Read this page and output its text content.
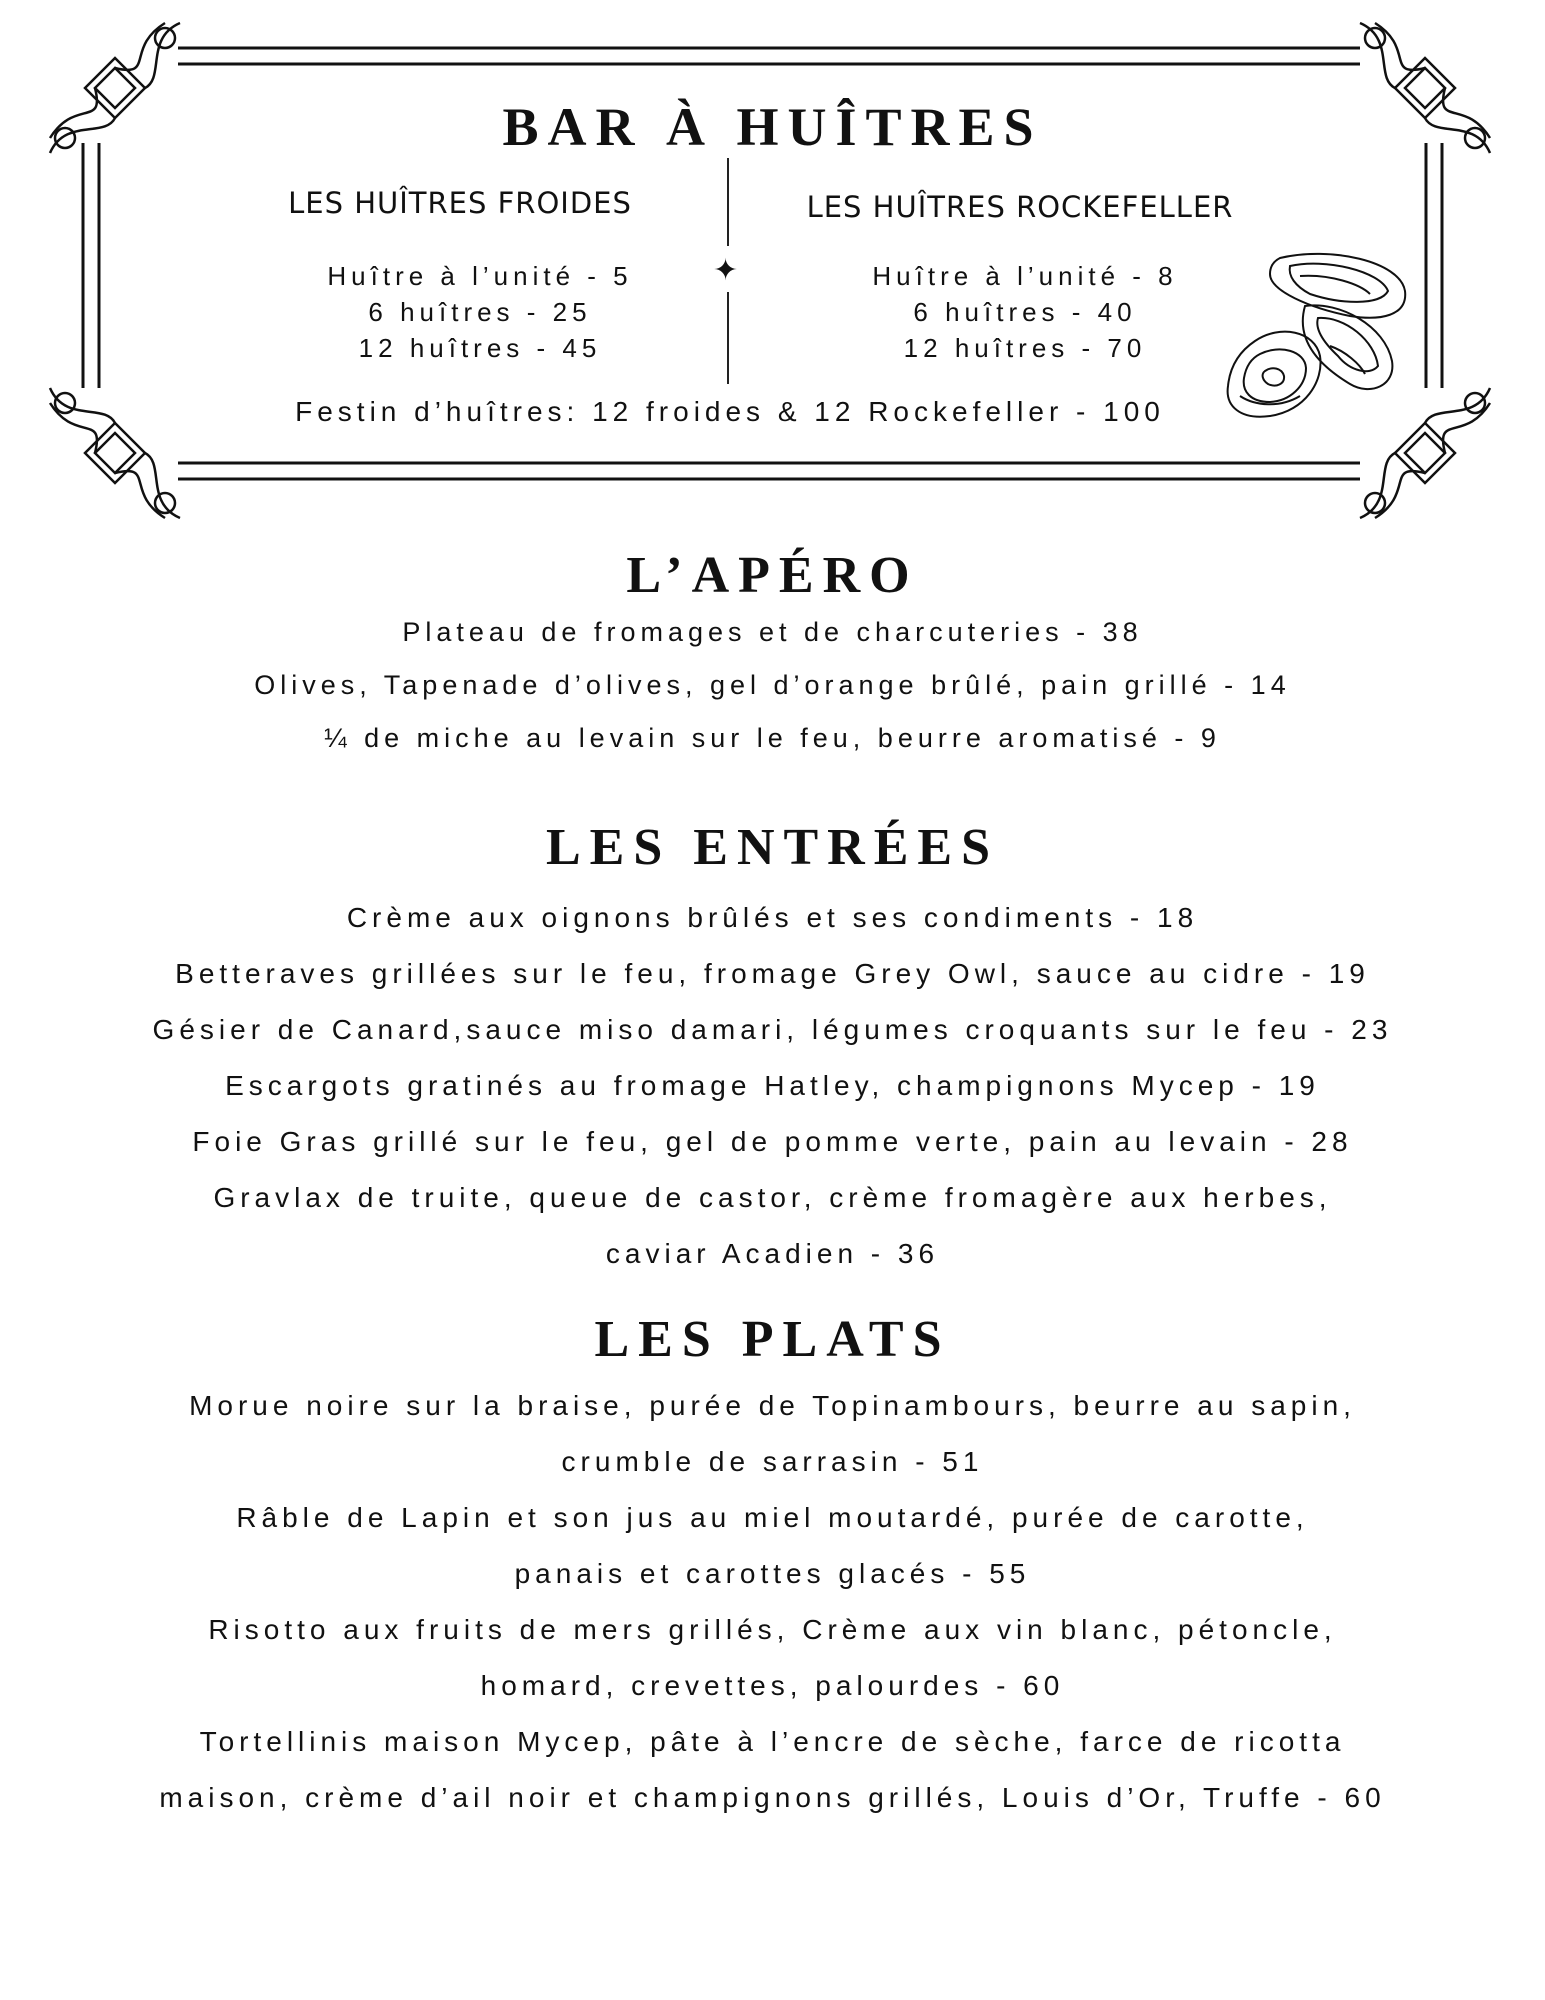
BAR À HUÎTRES
LES HUÎTRES FROIDES	LES HUÎTRES ROCKEFELLER
✦
Huître à l’unité - 5
6 huîtres - 25
12 huîtres - 45
Huître à l’unité - 8
6 huîtres - 40
12 huîtres - 70
Festin d’huîtres: 12 froides & 12 Rockefeller - 100
L’APÉRO
Plateau de fromages et de charcuteries - 38
Olives, Tapenade d’olives, gel d’orange brûlé, pain grillé - 14
¼ de miche au levain sur le feu, beurre aromatisé - 9
LES ENTRÉES
Crème aux oignons brûlés et ses condiments - 18
Betteraves grillées sur le feu, fromage Grey Owl, sauce au cidre - 19
Gésier de Canard,sauce miso damari, légumes croquants sur le feu - 23
Escargots gratinés au fromage Hatley, champignons Mycep - 19
Foie Gras grillé sur le feu, gel de pomme verte, pain au levain - 28
Gravlax de truite, queue de castor, crème fromagère aux herbes,
caviar Acadien - 36
LES PLATS
Morue noire sur la braise, purée de Topinambours, beurre au sapin,
crumble de sarrasin - 51
Râble de Lapin et son jus au miel moutardé, purée de carotte,
panais et carottes glacés - 55
Risotto aux fruits de mers grillés, Crème aux vin blanc, pétoncle,
homard, crevettes, palourdes - 60
Tortellinis maison Mycep, pâte à l’encre de sèche, farce de ricotta
maison, crème d’ail noir et champignons grillés, Louis d’Or, Truffe - 60
